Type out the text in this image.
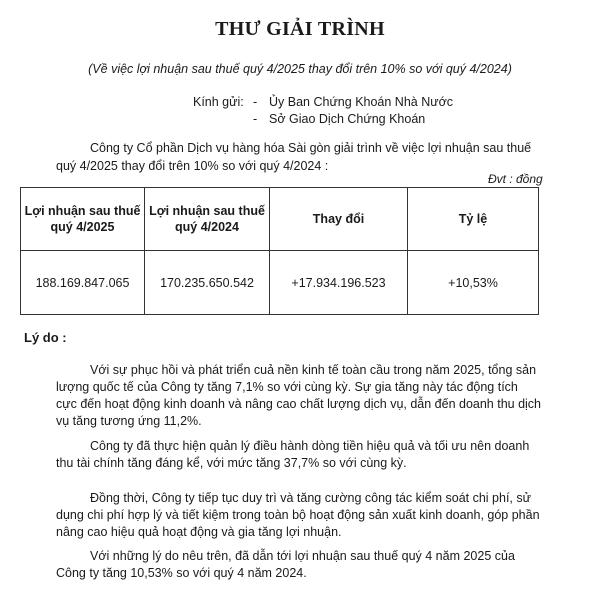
THƯ GIẢI TRÌNH
(Về việc lợi nhuận sau thuế quý 4/2025 thay đổi trên 10% so với quý 4/2024)
Kính gửi: - Ủy Ban Chứng Khoán Nhà Nước
- Sở Giao Dịch Chứng Khoán
Công ty Cổ phần Dịch vụ hàng hóa Sài gòn giải trình về việc lợi nhuận sau thuế quý 4/2025 thay đổi trên 10% so với quý 4/2024 :
Đvt : đồng
Lợi nhuận sau thuế quý 4/2025	Lợi nhuận sau thuế quý 4/2024	Thay đổi	Tỷ lệ
188.169.847.065	170.235.650.542	+17.934.196.523	+10,53%
Lý do :
Với sự phục hồi và phát triển cuả nền kinh tế toàn cầu trong năm 2025, tổng sản lượng quốc tế của Công ty tăng 7,1% so với cùng kỳ. Sự gia tăng này tác động tích cực đến hoạt động kinh doanh và nâng cao chất lượng dịch vụ, dẫn đến doanh thu dịch vụ tăng tương ứng 11,2%.
Công ty đã thực hiện quản lý điều hành dòng tiền hiệu quả và tối ưu nên doanh thu tài chính tăng đáng kể, với mức tăng 37,7% so với cùng kỳ.
Đồng thời, Công ty tiếp tục duy trì và tăng cường công tác kiểm soát chi phí, sử dụng chi phí hợp lý và tiết kiệm trong toàn bộ hoạt động sản xuất kinh doanh, góp phần nâng cao hiệu quả hoạt động và gia tăng lợi nhuận.
Với những lý do nêu trên, đã dẫn tới lợi nhuận sau thuế quý 4 năm 2025 của Công ty tăng 10,53% so với quý 4 năm 2024.
